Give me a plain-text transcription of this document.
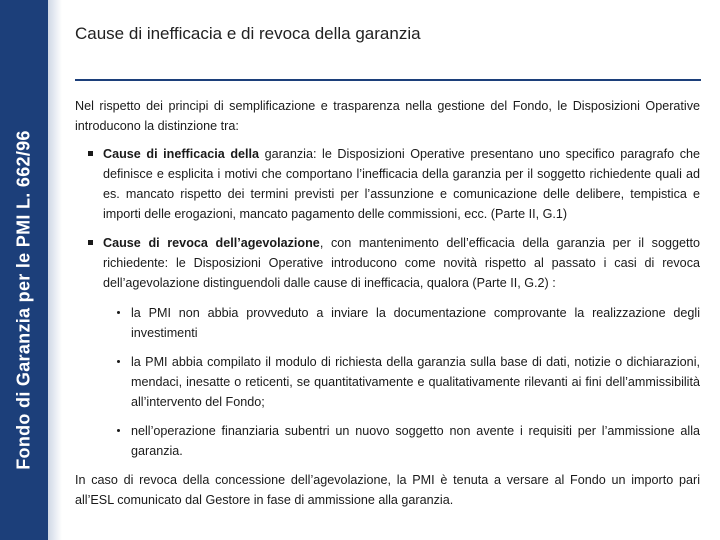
Fondo di Garanzia per le PMI L. 662/96
Cause di inefficacia e di revoca della garanzia

Nel rispetto dei principi di semplificazione e trasparenza nella gestione del Fondo, le Disposizioni Operative introducono la distinzione tra:

Cause di inefficacia della garanzia: le Disposizioni Operative presentano uno specifico paragrafo che definisce e esplicita i motivi che comportano l’inefficacia della garanzia per il soggetto richiedente quali ad es. mancato rispetto dei termini previsti per l’assunzione e comunicazione delle delibere, tempistica e importi delle erogazioni, mancato pagamento delle commissioni, ecc. (Parte II, G.1)
Cause di revoca dell’agevolazione, con mantenimento dell’efficacia della garanzia per il soggetto richiedente: le Disposizioni Operative introducono come novità rispetto al passato i casi di revoca dell’agevolazione distinguendoli dalle cause di inefficacia, qualora (Parte II, G.2) :
la PMI non abbia provveduto a inviare la documentazione comprovante la realizzazione degli investimenti
la PMI abbia compilato il modulo di richiesta della garanzia sulla base di dati, notizie o dichiarazioni, mendaci, inesatte o reticenti, se quantitativamente e qualitativamente rilevanti ai fini dell’ammissibilità all’intervento del Fondo;
nell’operazione finanziaria subentri un nuovo soggetto non avente i requisiti per l’ammissione alla garanzia.

In caso di revoca della concessione dell’agevolazione, la PMI è tenuta a versare al Fondo un importo pari all’ESL comunicato dal Gestore in fase di ammissione alla garanzia.
